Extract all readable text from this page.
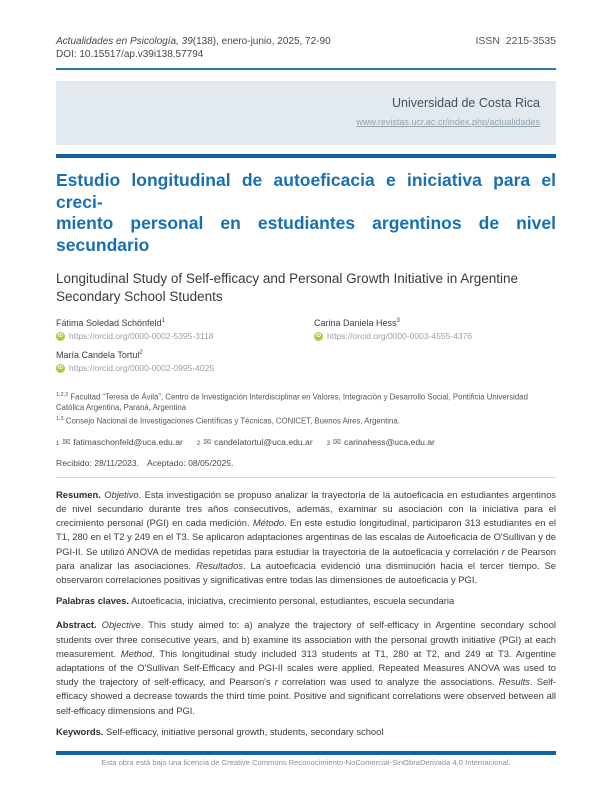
Actualidades en Psicología, 39(138), enero-junio, 2025, 72-90
DOI: 10.15517/ap.v39i138.57794
ISSN  2215-3535
Universidad de Costa Rica
www.revistas.ucr.ac.cr/index.php/actualidades
Estudio longitudinal de autoeficacia e iniciativa para el creci-
miento personal en estudiantes argentinos de nivel secundario
Longitudinal Study of Self-efficacy and Personal Growth Initiative in Argentine Secondary School Students
Fátima Soledad Schönfeld$^1$
iD https://orcid.org/0000-0002-5395-3118
Carina Daniela Hess$^3$
iD https://orcid.org/0000-0003-4555-4376
María Candela Tortul$^2$
iD https://orcid.org/0000-0002-0995-4025
$^{1,2,3}$ Facultad “Teresa de Ávila”, Centro de Investigación Interdisciplinar en Valores, Integración y Desarrollo Social, Pontificia Universidad Católica Argentina, Paraná, Argentina
$^{1,3}$ Consejo Nacional de Investigaciones Científicas y Técnicas, CONICET, Buenos Aires, Argentina.
1 ✉ fatimaschonfeld@uca.edu.ar 2 ✉ candelatortul@uca.edu.ar 3 ✉ carinahess@uca.edu.ar
Recibido: 28/11/2023. Aceptado: 08/05/2025.

Resumen. Objetivo. Esta investigación se propuso analizar la trayectoria de la autoeficacia en estudiantes argentinos de nivel secundario durante tres años consecutivos, además, examinar su asociación con la iniciativa para el crecimiento personal (PGI) en cada medición. Método. En este estudio longitudinal, participaron 313 estudiantes en el T1, 280 en el T2 y 249 en el T3. Se aplicaron adaptaciones argentinas de las escalas de Autoeficacia de O'Sullivan y de PGI-II. Se utilizó ANOVA de medidas repetidas para estudiar la trayectoria de la autoeficacia y correlación r de Pearson para analizar las asociaciones. Resultados. La autoeficacia evidenció una disminución hacia el tercer tiempo. Se observaron correlaciones positivas y significativas entre todas las dimensiones de autoeficacia y PGI.

Palabras claves. Autoeficacia, iniciativa, crecimiento personal, estudiantes, escuela secundaria

Abstract. Objective. This study aimed to: a) analyze the trajectory of self-efficacy in Argentine secondary school students over three consecutive years, and b) examine its association with the personal growth initiative (PGI) at each measurement. Method. This longitudinal study included 313 students at T1, 280 at T2, and 249 at T3. Argentine adaptations of the O'Sullivan Self-Efficacy and PGI-II scales were applied. Repeated Measures ANOVA was used to study the trajectory of self-efficacy, and Pearson's r correlation was used to analyze the associations. Results. Self-efficacy showed a decrease towards the third time point. Positive and significant correlations were observed between all self-efficacy dimensions and PGI.

Keywords. Self-efficacy, initiative personal growth, students, secondary school

Esta obra está bajo una licencia de Creative Commons Reconocimiento-NoComercial-SinObraDerivada 4.0 Internacional.
